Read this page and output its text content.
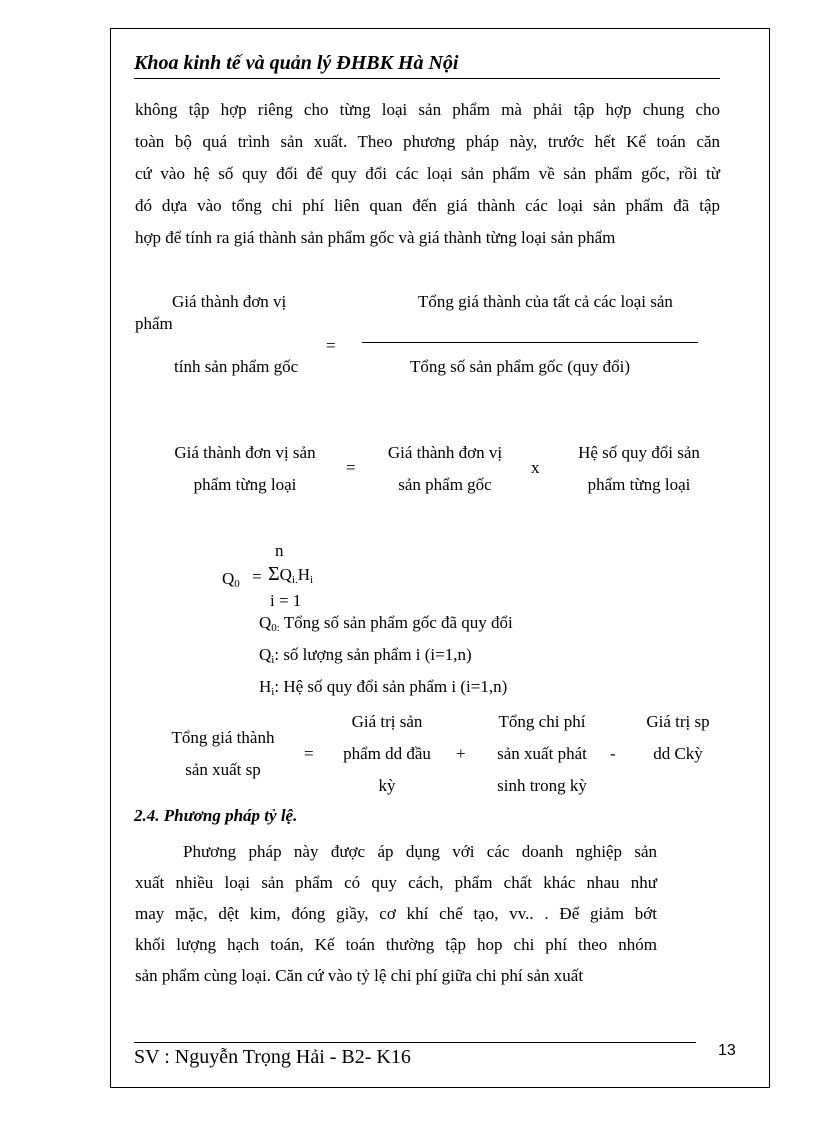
Khoa kinh tế và quản lý ĐHBK Hà Nội
không tập hợp riêng cho từng loại sản phẩm mà phải tập hợp chung cho
toàn bộ quá trình sản xuất. Theo phương pháp này, trước hết Kế toán căn
cứ vào hệ số quy đổi để quy đổi các loại sản phẩm về sản phẩm gốc, rồi từ
đó dựa vào tổng chi phí liên quan đến giá thành các loại sản phẩm đã tập
hợp để tính ra giá thành sản phẩm gốc và giá thành từng loại sản phẩm
Giá thành đơn vị
phẩm
=
tính sản phẩm gốc
Tổng giá thành của tất cả các loại sản
Tổng số sản phẩm gốc (quy đổi)
Giá thành đơn vị sản
phẩm từng loại
=
Giá thành đơn vị
sản phẩm gốc
x
Hệ số quy đổi sản
phẩm từng loại
n
$Q_0 = \Sigma Q_{i.}H_i$
i = 1
$Q_{0:}$ Tổng số sản phẩm gốc đã quy đổi
$Q_i$: số lượng sản phẩm i (i=1,n)
$H_i$: Hệ số quy đổi sản phẩm i (i=1,n)
Tổng giá thành
sản xuất sp
=
Giá trị sản
phẩm dd đầu
kỳ
+
Tổng chi phí
sản xuất phát
sinh trong kỳ
-
Giá trị sp
dd Ckỳ
2.4. Phương pháp tỷ lệ.
Phương pháp này được áp dụng với các doanh nghiệp sản
xuất nhiều loại sản phẩm có quy cách, phẩm chất khác nhau như
may mặc, dệt kim, đóng giầy, cơ khí chế tạo, vv.. . Để giảm bớt
khối lượng hạch toán, Kế toán thường tập hop chi phí theo nhóm
sản phẩm cùng loại. Căn cứ vào tỷ lệ chi phí giữa chi phí sản xuất
SV : Nguyễn Trọng Hải - B2- K16	13
